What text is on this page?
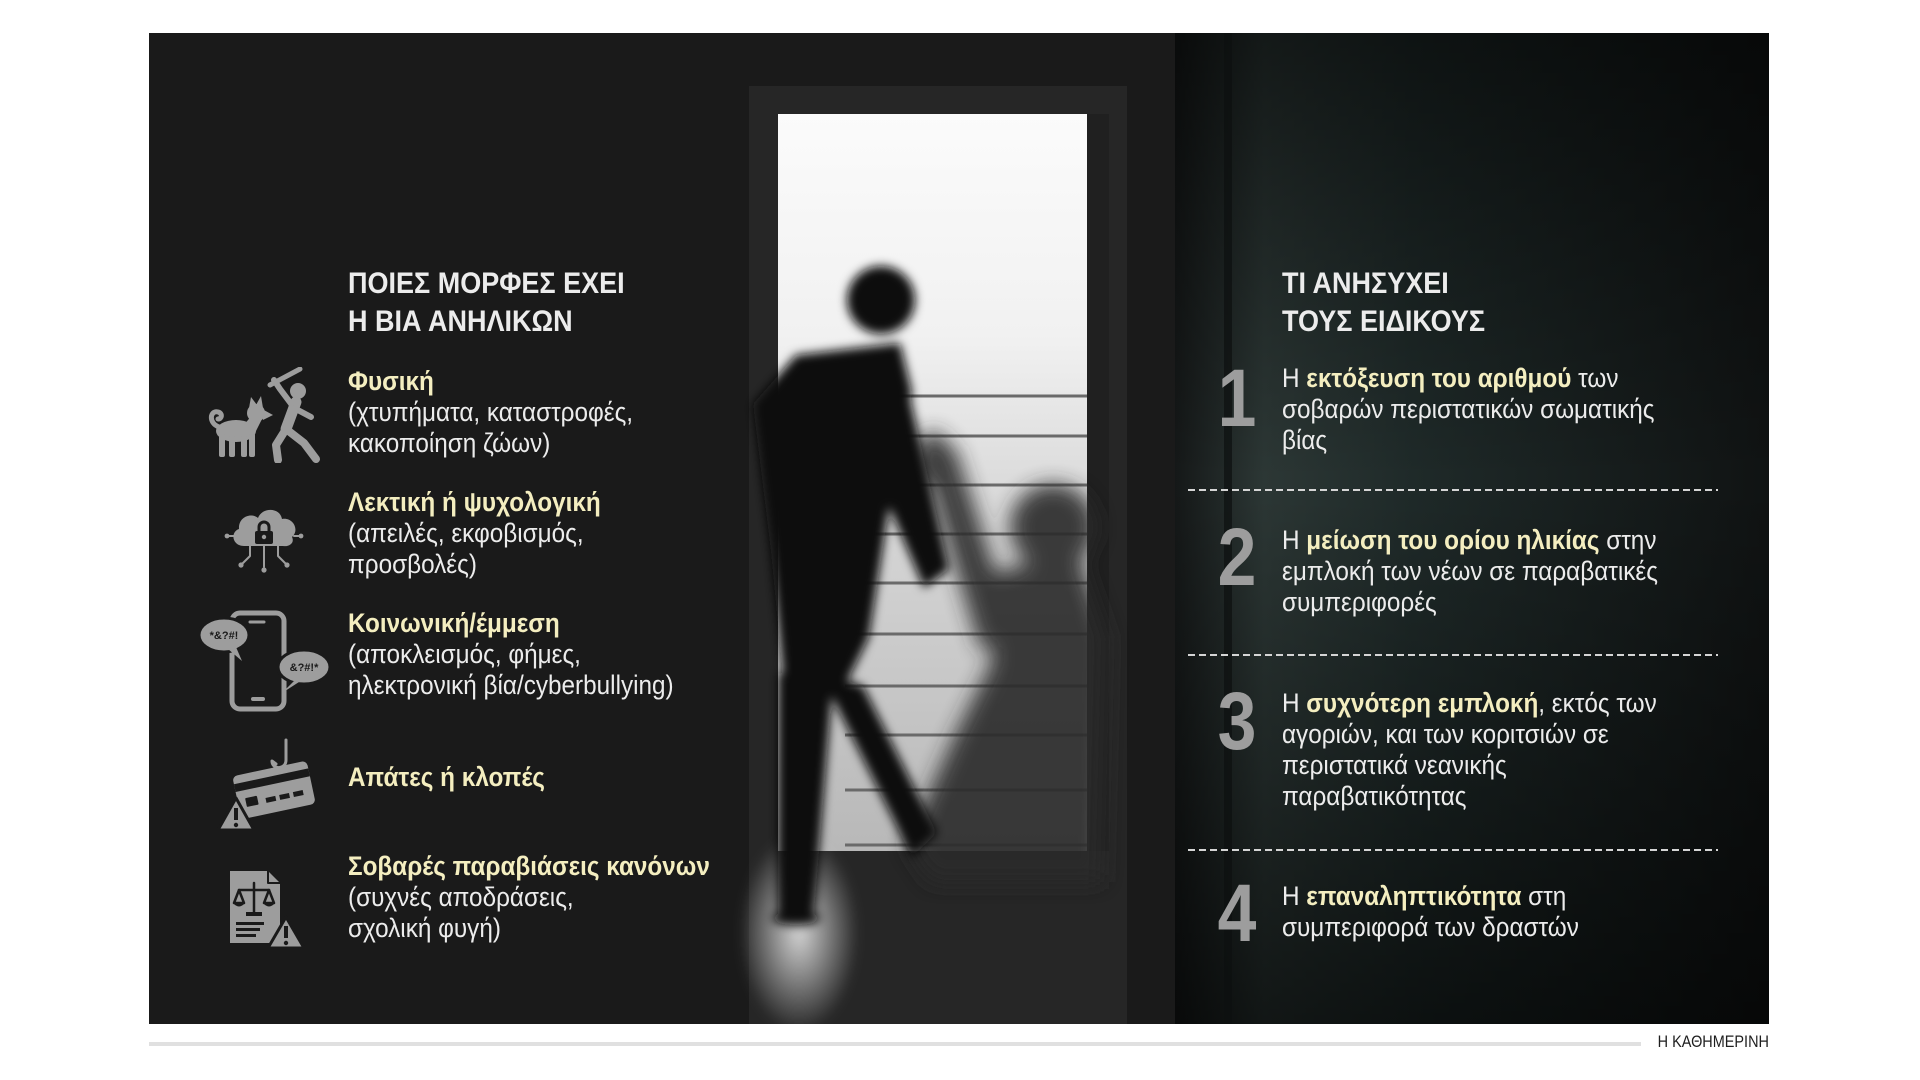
ΠΟΙΕΣ ΜΟΡΦΕΣ ΕΧΕΙ
Η ΒΙΑ ΑΝΗΛΙΚΩΝ
Φυσική
(χτυπήματα, καταστροφές,
κακοποίηση ζώων)
Λεκτική ή ψυχολογική
(απειλές, εκφοβισμός,
προσβολές)
*&?#!
&?#!*
Κοινωνική/έμμεση
(αποκλεισμός, φήμες,
ηλεκτρονική βία/cyberbullying)
Απάτες ή κλοπές
Σοβαρές παραβιάσεις κανόνων
(συχνές αποδράσεις,
σχολική φυγή)
ΤΙ ΑΝΗΣΥΧΕΙ
ΤΟΥΣ ΕΙΔΙΚΟΥΣ
1 Η εκτόξευση του αριθμού των
σοβαρών περιστατικών σωματικής
βίας
2 Η μείωση του ορίου ηλικίας στην
εμπλοκή των νέων σε παραβατικές
συμπεριφορές
3 Η συχνότερη εμπλοκή, εκτός των
αγοριών, και των κοριτσιών σε
περιστατικά νεανικής
παραβατικότητας
4 Η επαναληπτικότητα στη
συμπεριφορά των δραστών
Η ΚΑΘΗΜΕΡΙΝΗ
